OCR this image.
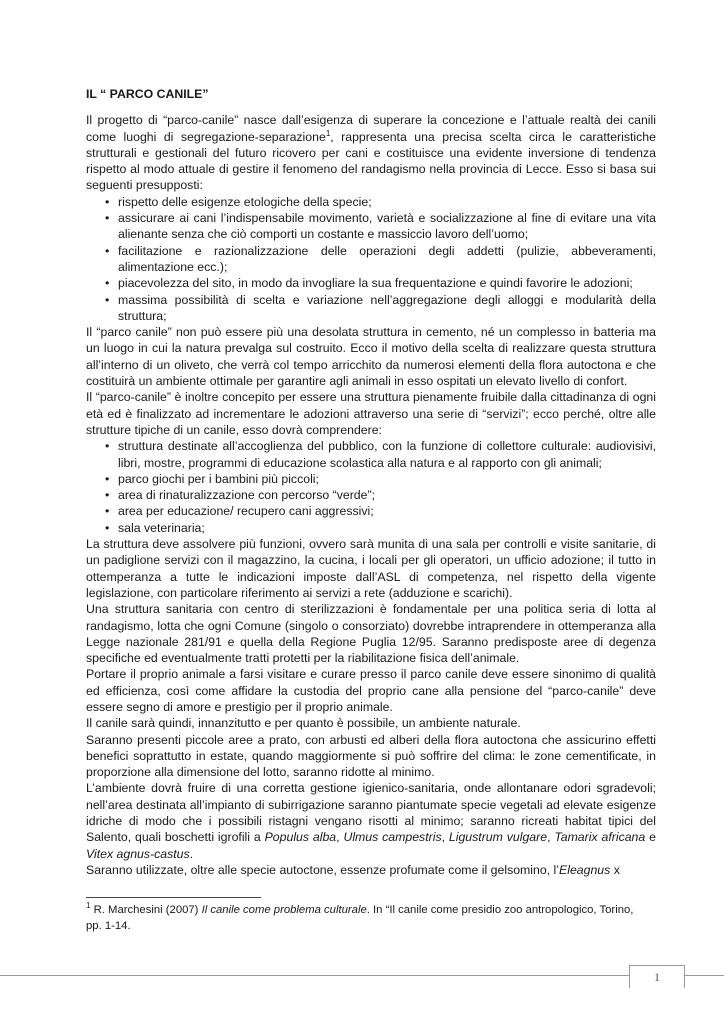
IL “ PARCO CANILE”

Il progetto di “parco-canile” nasce dall’esigenza di superare la concezione e l’attuale realtà dei canili come luoghi di segregazione-separazione$^1$, rappresenta una precisa scelta circa le caratteristiche strutturali e gestionali del futuro ricovero per cani e costituisce una evidente inversione di tendenza rispetto al modo attuale di gestire il fenomeno del randagismo nella provincia di Lecce. Esso si basa sui seguenti presupposti:

• rispetto delle esigenze etologiche della specie;
• assicurare ai cani l’indispensabile movimento, varietà e socializzazione al fine di evitare una vita alienante senza che ciò comporti un costante e massiccio lavoro dell’uomo;
• facilitazione e razionalizzazione delle operazioni degli addetti (pulizie, abbeveramenti, alimentazione ecc.);
• piacevolezza del sito, in modo da invogliare la sua frequentazione e quindi favorire le adozioni;
• massima possibilità di scelta e variazione nell’aggregazione degli alloggi e modularità della struttura;

Il “parco canile” non può essere più una desolata struttura in cemento, né un complesso in batteria ma un luogo in cui la natura prevalga sul costruito. Ecco il motivo della scelta di realizzare questa struttura all’interno di un oliveto, che verrà col tempo arricchito da numerosi elementi della flora autoctona e che costituirà un ambiente ottimale per garantire agli animali in esso ospitati un elevato livello di confort.

Il “parco-canile” è inoltre concepito per essere una struttura pienamente fruibile dalla cittadinanza di ogni età ed è finalizzato ad incrementare le adozioni attraverso una serie di “servizi”; ecco perché, oltre alle strutture tipiche di un canile, esso dovrà comprendere:

• struttura destinate all’accoglienza del pubblico, con la funzione di collettore culturale: audiovisivi, libri, mostre, programmi di educazione scolastica alla natura e al rapporto con gli animali;
• parco giochi per i bambini più piccoli;
• area di rinaturalizzazione con percorso “verde”;
• area per educazione/ recupero cani aggressivi;
• sala veterinaria;

La struttura deve assolvere più funzioni, ovvero sarà munita di una sala per controlli e visite sanitarie, di un padiglione servizi con il magazzino, la cucina, i locali per gli operatori, un ufficio adozione; il tutto in ottemperanza a tutte le indicazioni imposte dall’ASL di competenza, nel rispetto della vigente legislazione, con particolare riferimento ai servizi a rete (adduzione e scarichi).

Una struttura sanitaria con centro di sterilizzazioni è fondamentale per una politica seria di lotta al randagismo, lotta che ogni Comune (singolo o consorziato) dovrebbe intraprendere in ottemperanza alla Legge nazionale 281/91 e quella della Regione Puglia 12/95. Saranno predisposte aree di degenza specifiche ed eventualmente tratti protetti per la riabilitazione fisica dell’animale.

Portare il proprio animale a farsi visitare e curare presso il parco canile deve essere sinonimo di qualità ed efficienza, così come affidare la custodia del proprio cane alla pensione del “parco-canile” deve essere segno di amore e prestigio per il proprio animale.

Il canile sarà quindi, innanzitutto e per quanto è possibile, un ambiente naturale.

Saranno presenti piccole aree a prato, con arbusti ed alberi della flora autoctona che assicurino effetti benefici soprattutto in estate, quando maggiormente si può soffrire del clima: le zone cementificate, in proporzione alla dimensione del lotto, saranno ridotte al minimo.

L’ambiente dovrà fruire di una corretta gestione igienico-sanitaria, onde allontanare odori sgradevoli; nell’area destinata all’impianto di subirrigazione saranno piantumate specie vegetali ad elevate esigenze idriche di modo che i possibili ristagni vengano risotti al minimo; saranno ricreati habitat tipici del Salento, quali boschetti igrofili a Populus alba, Ulmus campestris, Ligustrum vulgare, Tamarix africana e Vitex agnus-castus.

Saranno utilizzate, oltre alle specie autoctone, essenze profumate come il gelsomino, l’Eleagnus x

$^1$ R. Marchesini (2007) Il canile come problema culturale. In “Il canile come presidio zoo antropologico, Torino, pp. 1-14.
1
